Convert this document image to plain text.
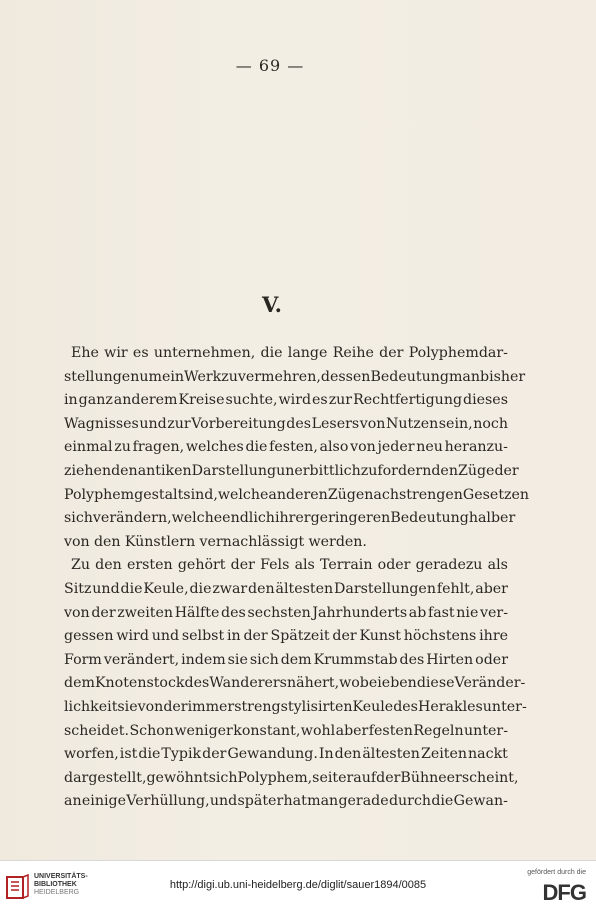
— 69 —
V.
Ehe wir es unternehmen, die lange Reihe der Polyphemdar-
stellungen um ein Werk zu vermehren, dessen Bedeutung man bisher
in ganz anderem Kreise suchte, wird es zur Rechtfertigung dieses
Wagnisses und zur Vorbereitung des Lesers von Nutzen sein, noch
einmal zu fragen, welches die festen, also von jeder neu heranzu-
ziehenden antiken Darstellung unerbittlich zu fordernden Züge der
Polyphemgestalt sind, welche anderen Züge nach strengen Gesetzen
sich verändern, welche endlich ihrer geringeren Bedeutung halber
von den Künstlern vernachlässigt werden.
Zu den ersten gehört der Fels als Terrain oder geradezu als
Sitz und die Keule, die zwar den ältesten Darstellungen fehlt, aber
von der zweiten Hälfte des sechsten Jahrhunderts ab fast nie ver-
gessen wird und selbst in der Spätzeit der Kunst höchstens ihre
Form verändert, indem sie sich dem Krummstab des Hirten oder
dem Knotenstock des Wanderers nähert, wobei eben diese Veränder-
lichkeit sie von der immer streng stylisirten Keule des Herakles unter-
scheidet. Schon weniger konstant, wohl aber festen Regeln unter-
worfen, ist die Typik der Gewandung. In den ältesten Zeiten nackt
dargestellt, gewöhnt sich Polyphem, seit er auf der Bühne erscheint,
an einige Verhüllung, und später hat man gerade durch die Gewan-
UNIVERSITÄTS-
BIBLIOTHEK
HEIDELBERG
http://digi.ub.uni-heidelberg.de/diglit/sauer1894/0085
gefördert durch die
DFG
